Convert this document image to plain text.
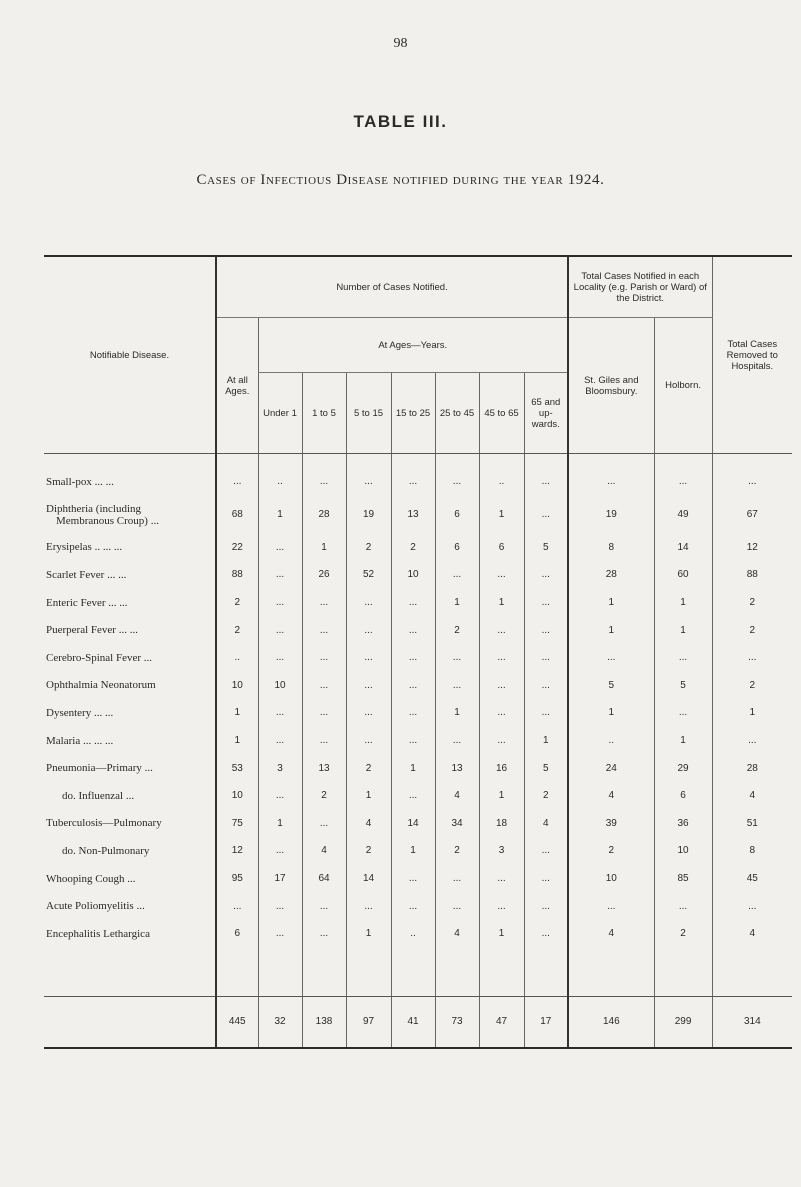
98
TABLE III.
Cases of Infectious Disease notified during the year 1924.
Notifiable Disease.	Number of Cases Notified.								Total Cases Notified in each Locality (e.g. Parish or Ward) of the District.		Total Cases Removed to Hospitals.
	At all Ages.	At Ages—Years.							St. Giles and Bloomsbury.	Holborn.	
		Under 1	1 to 5	5 to 15	15 to 25	25 to 45	45 to 65	65 and up-wards.			

Small-pox ... ...	...	..	...	...	...	...	..	...	...	...	...

Diphtheria (including
Membranous Croup) ...	68	1	28	19	13	6	1	...	19	49	67
Erysipelas .. ... ...	22	...	1	2	2	6	6	5	8	14	12
Scarlet Fever ... ...	88	...	26	52	10	...	...	...	28	60	88
Enteric Fever ... ...	2	...	...	...	...	1	1	...	1	1	2
Puerperal Fever ... ...	2	...	...	...	...	2	...	...	1	1	2
Cerebro-Spinal Fever ...	..	...	...	...	...	...	...	...	...	...	...
Ophthalmia Neonatorum	10	10	...	...	...	...	...	...	5	5	2
Dysentery ... ...	1	...	...	...	...	1	...	...	1	...	1
Malaria ... ... ...	1	...	...	...	...	...	...	1	..	1	...
Pneumonia—Primary ...	53	3	13	2	1	13	16	5	24	29	28
do. Influenzal ...	10	...	2	1	...	4	1	2	4	6	4
Tuberculosis—Pulmonary	75	1	...	4	14	34	18	4	39	36	51
do. Non-Pulmonary	12	...	4	2	1	2	3	...	2	10	8
Whooping Cough ...	95	17	64	14	...	...	...	...	10	85	45
Acute Poliomyelitis ...	...	...	...	...	...	...	...	...	...	...	...
Encephalitis Lethargica	6	...	...	1	..	4	1	...	4	2	4

	445	32	138	97	41	73	47	17	146	299	314
